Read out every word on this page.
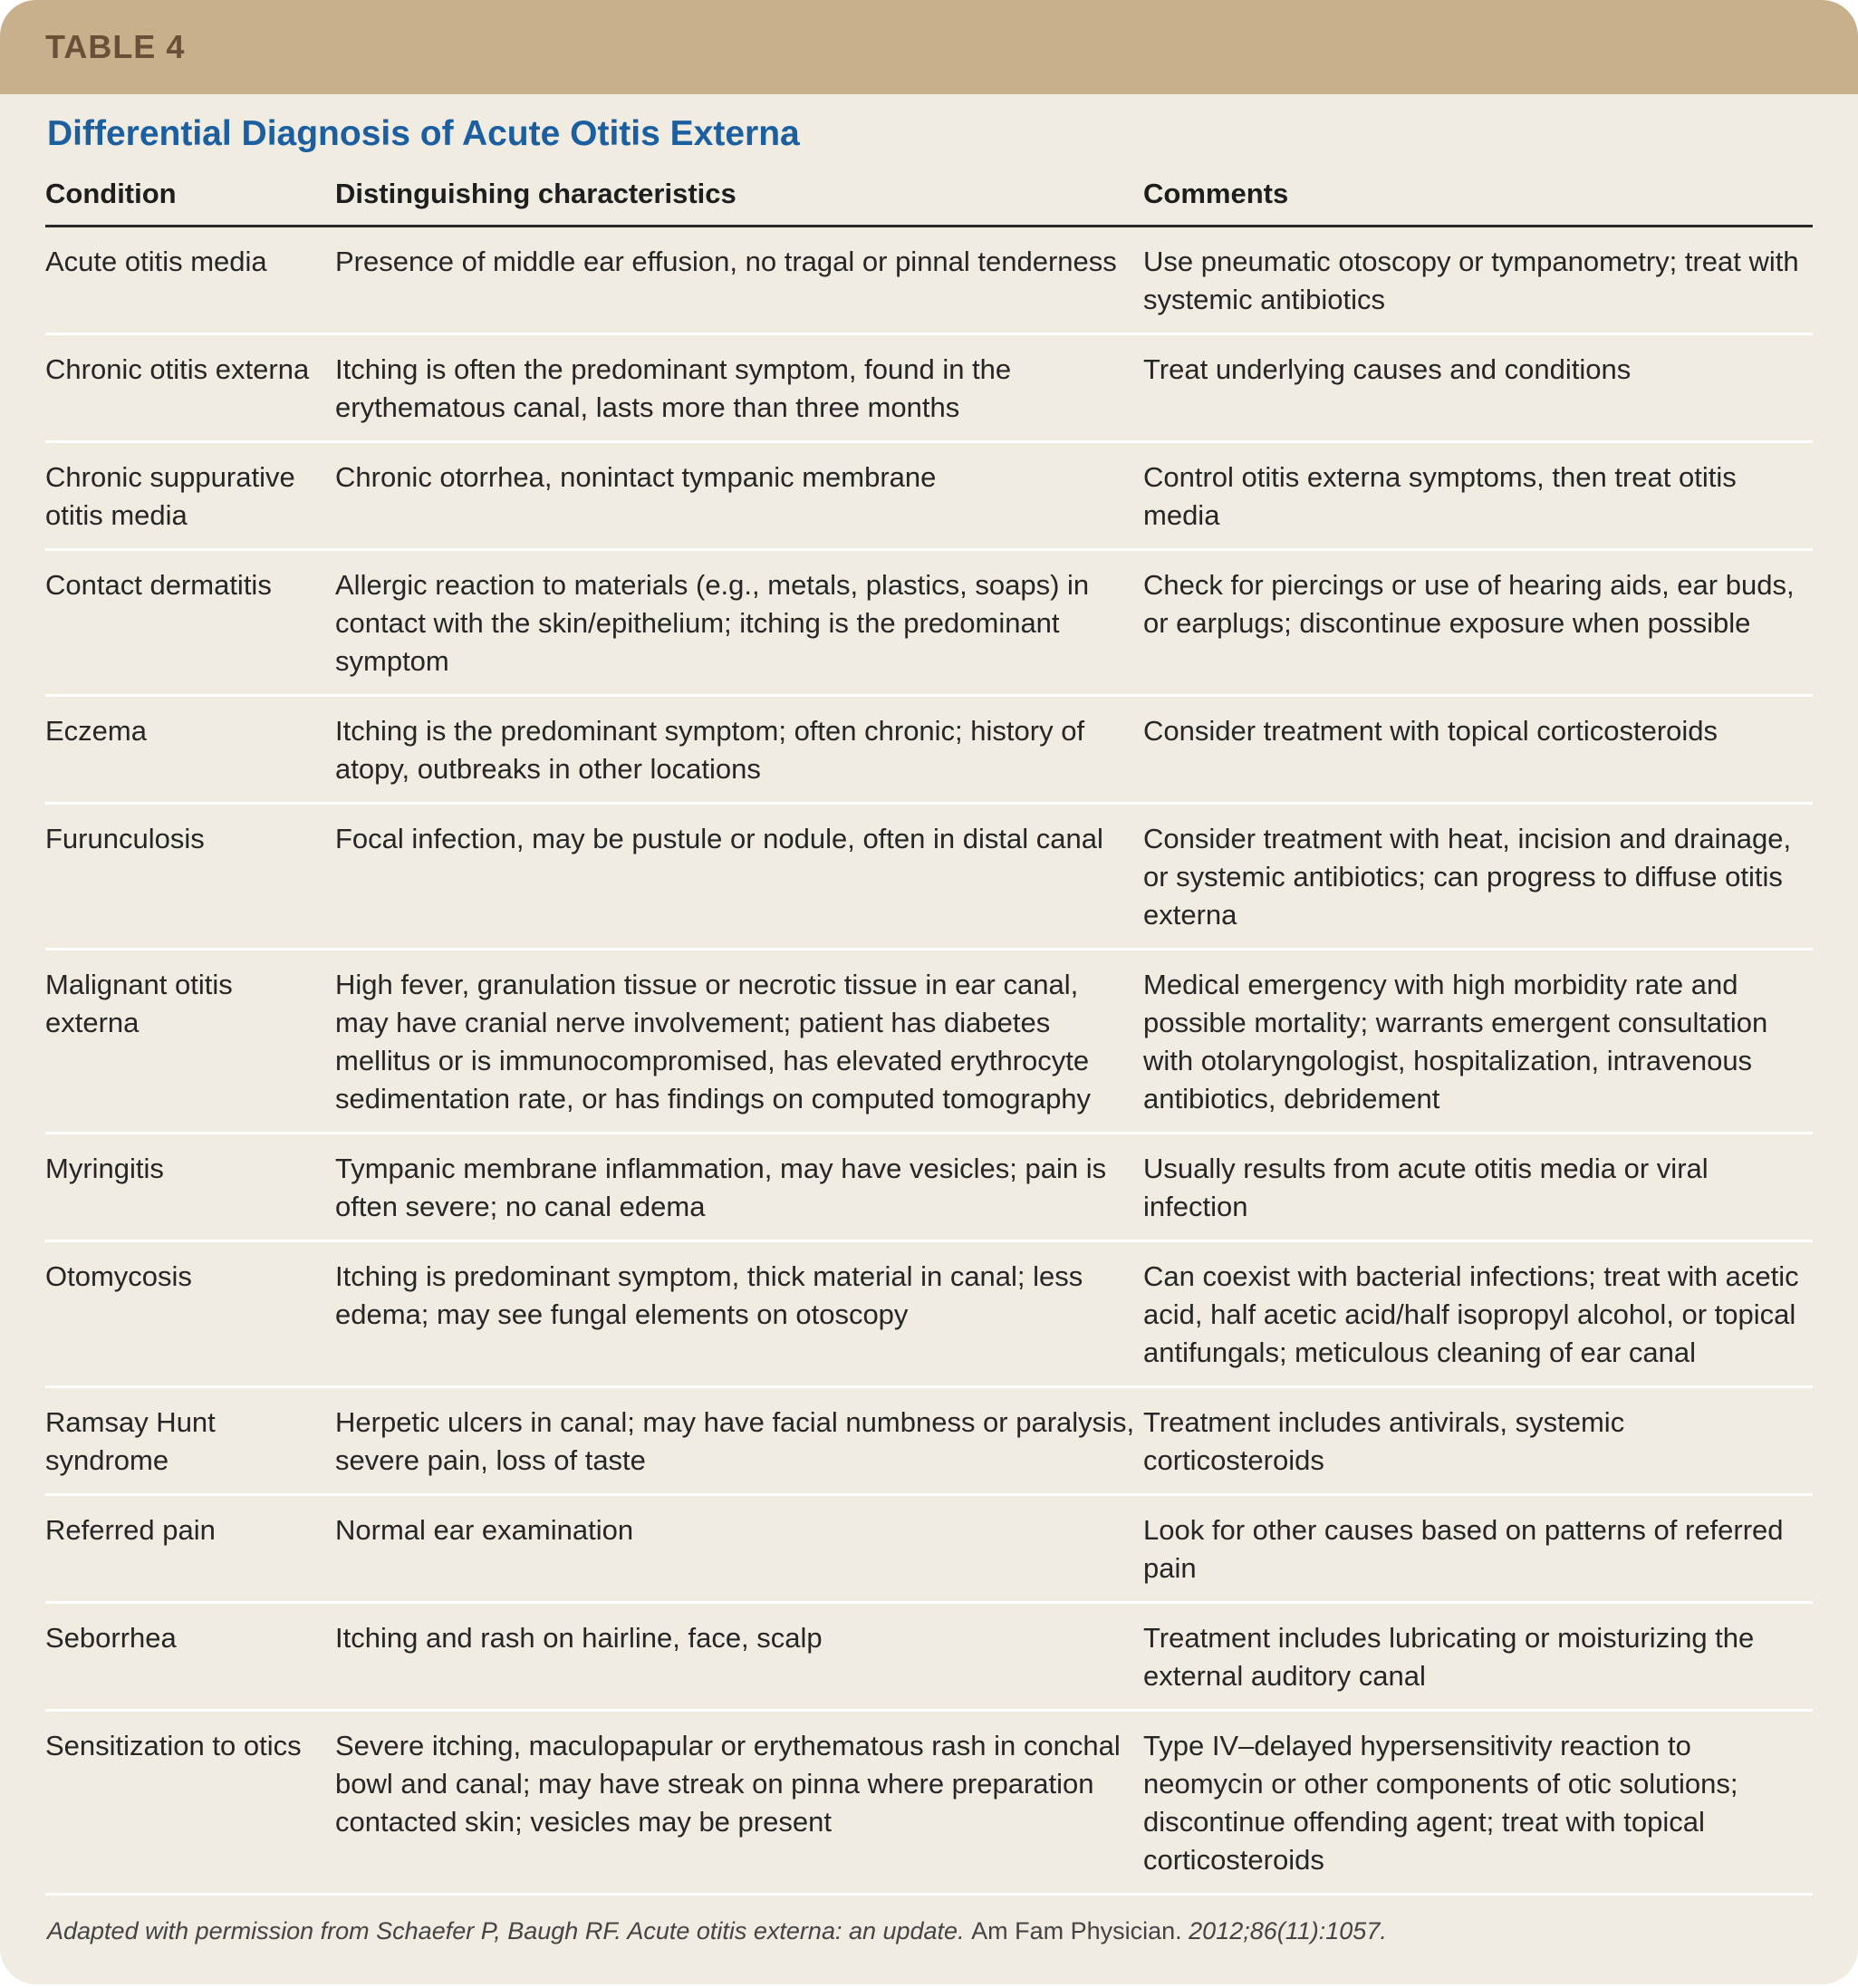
TABLE 4
Differential Diagnosis of Acute Otitis Externa
Condition	Distinguishing characteristics	Comments
Acute otitis media	Presence of middle ear effusion, no tragal or pinnal tenderness	Use pneumatic otoscopy or tympanometry; treat with systemic antibiotics
Chronic otitis externa	Itching is often the predominant symptom, found in the erythematous canal, lasts more than three months	Treat underlying causes and conditions
Chronic suppurative otitis media	Chronic otorrhea, nonintact tympanic membrane	Control otitis externa symptoms, then treat otitis media
Contact dermatitis	Allergic reaction to materials (e.g., metals, plastics, soaps) in contact with the skin/epithelium; itching is the predominant symptom	Check for piercings or use of hearing aids, ear buds, or earplugs; discontinue exposure when possible
Eczema	Itching is the predominant symptom; often chronic; history of atopy, outbreaks in other locations	Consider treatment with topical corticosteroids
Furunculosis	Focal infection, may be pustule or nodule, often in distal canal	Consider treatment with heat, incision and drainage, or systemic antibiotics; can progress to diffuse otitis externa
Malignant otitis externa	High fever, granulation tissue or necrotic tissue in ear canal, may have cranial nerve involvement; patient has diabetes mellitus or is immunocompromised, has elevated erythrocyte sedimentation rate, or has findings on computed tomography	Medical emergency with high morbidity rate and possible mortality; warrants emergent consultation with otolaryngologist, hospitalization, intravenous antibiotics, debridement
Myringitis	Tympanic membrane inflammation, may have vesicles; pain is often severe; no canal edema	Usually results from acute otitis media or viral infection
Otomycosis	Itching is predominant symptom, thick material in canal; less edema; may see fungal elements on otoscopy	Can coexist with bacterial infections; treat with acetic acid, half acetic acid/half isopropyl alcohol, or topical antifungals; meticulous cleaning of ear canal
Ramsay Hunt syndrome	Herpetic ulcers in canal; may have facial numbness or paralysis, severe pain, loss of taste	Treatment includes antivirals, systemic corticosteroids
Referred pain	Normal ear examination	Look for other causes based on patterns of referred pain
Seborrhea	Itching and rash on hairline, face, scalp	Treatment includes lubricating or moisturizing the external auditory canal
Sensitization to otics	Severe itching, maculopapular or erythematous rash in conchal bowl and canal; may have streak on pinna where preparation contacted skin; vesicles may be present	Type IV–delayed hypersensitivity reaction to neomycin or other components of otic solutions; discontinue offending agent; treat with topical corticosteroids
Adapted with permission from Schaefer P, Baugh RF. Acute otitis externa: an update. Am Fam Physician. 2012;86(11):1057.
